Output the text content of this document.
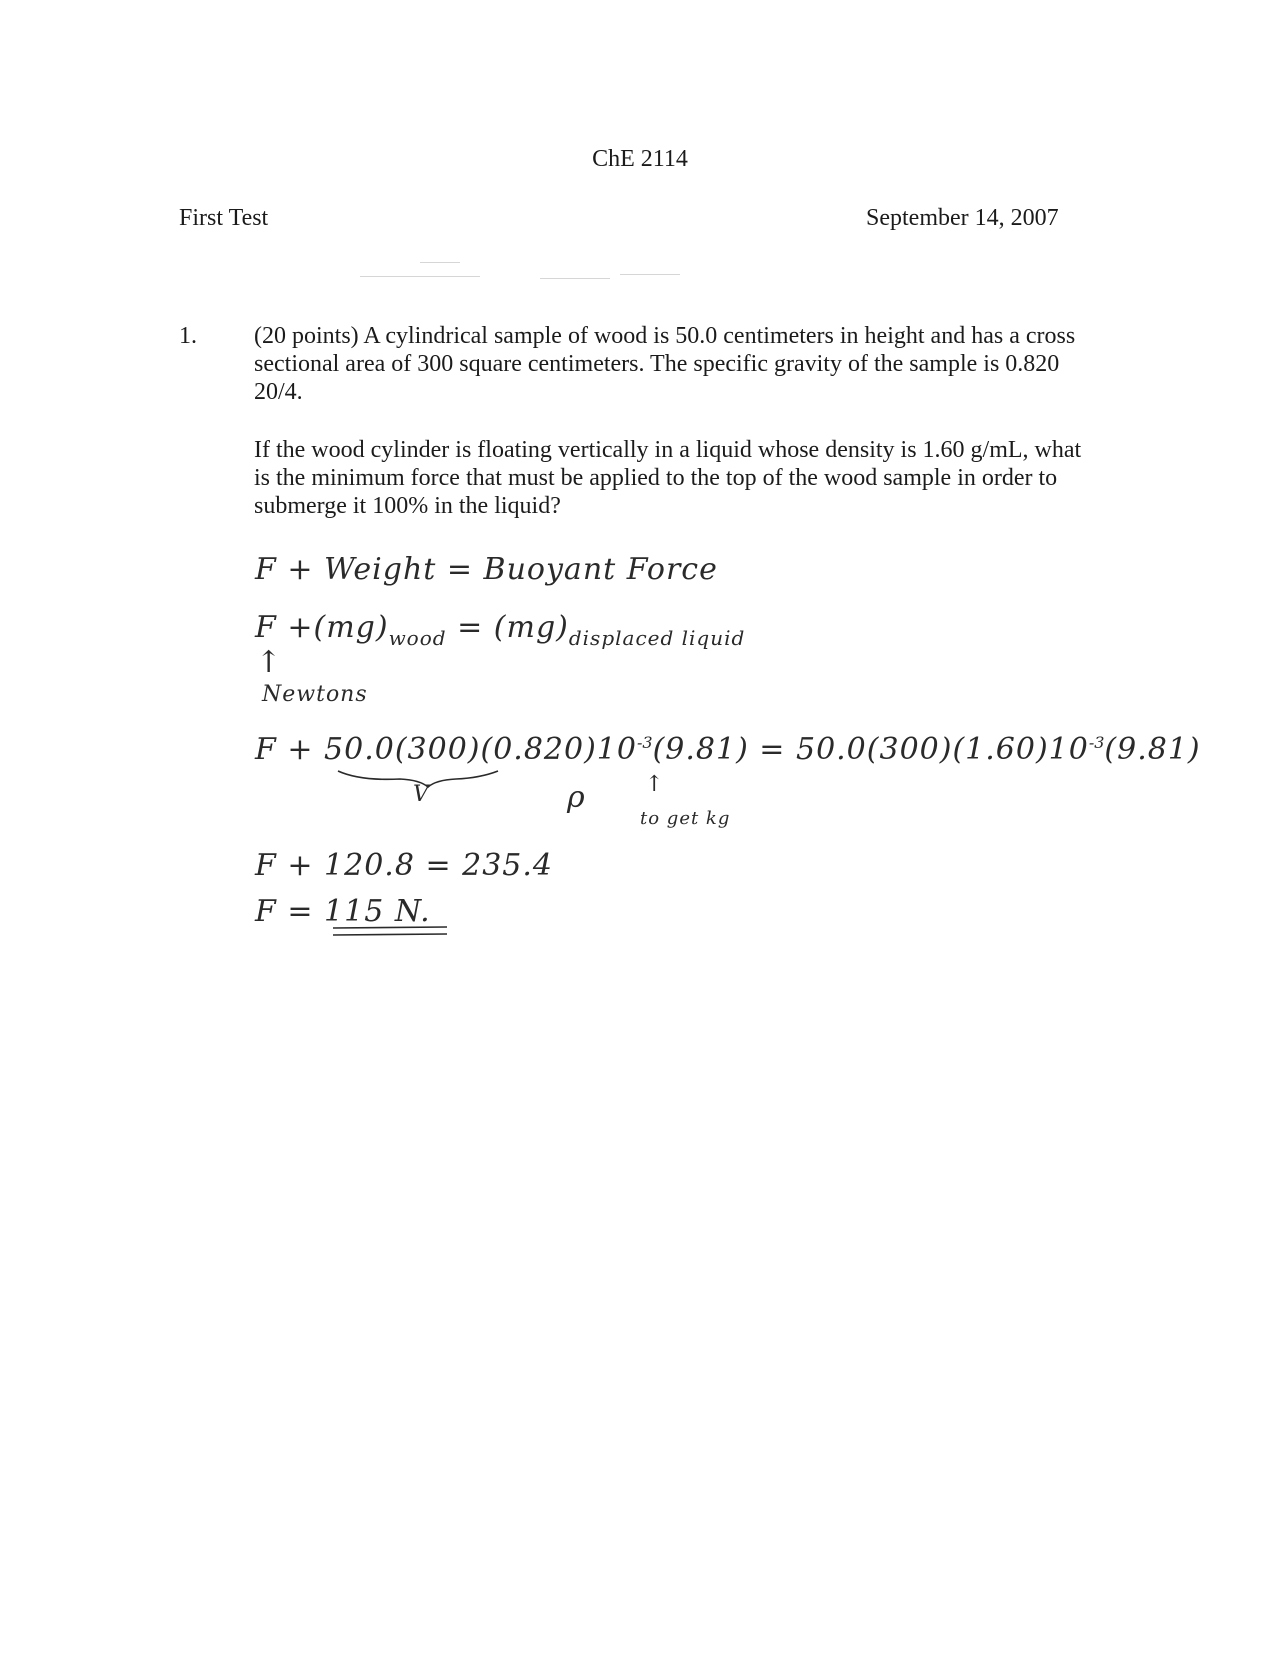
ChE 2114
First Test	September 14, 2007
1. (20 points) A cylindrical sample of wood is 50.0 centimeters in height and has a cross sectional area of 300 square centimeters. The specific gravity of the sample is 0.820 20/4.
If the wood cylinder is floating vertically in a liquid whose density is 1.60 g/mL, what is the minimum force that must be applied to the top of the wood sample in order to submerge it 100% in the liquid?
F + Weight = Buoyant Force
$F +(mg)_{wood} = (mg)_{displaced liquid}$
↑
Newtons
$F + 50.0(300)(0.820)10^{-3}(9.81) = 50.0(300)(1.60)10^{-3}(9.81)$
V	ρ	↑
to get kg
F + 120.8 = 235.4
F = 115 N.
